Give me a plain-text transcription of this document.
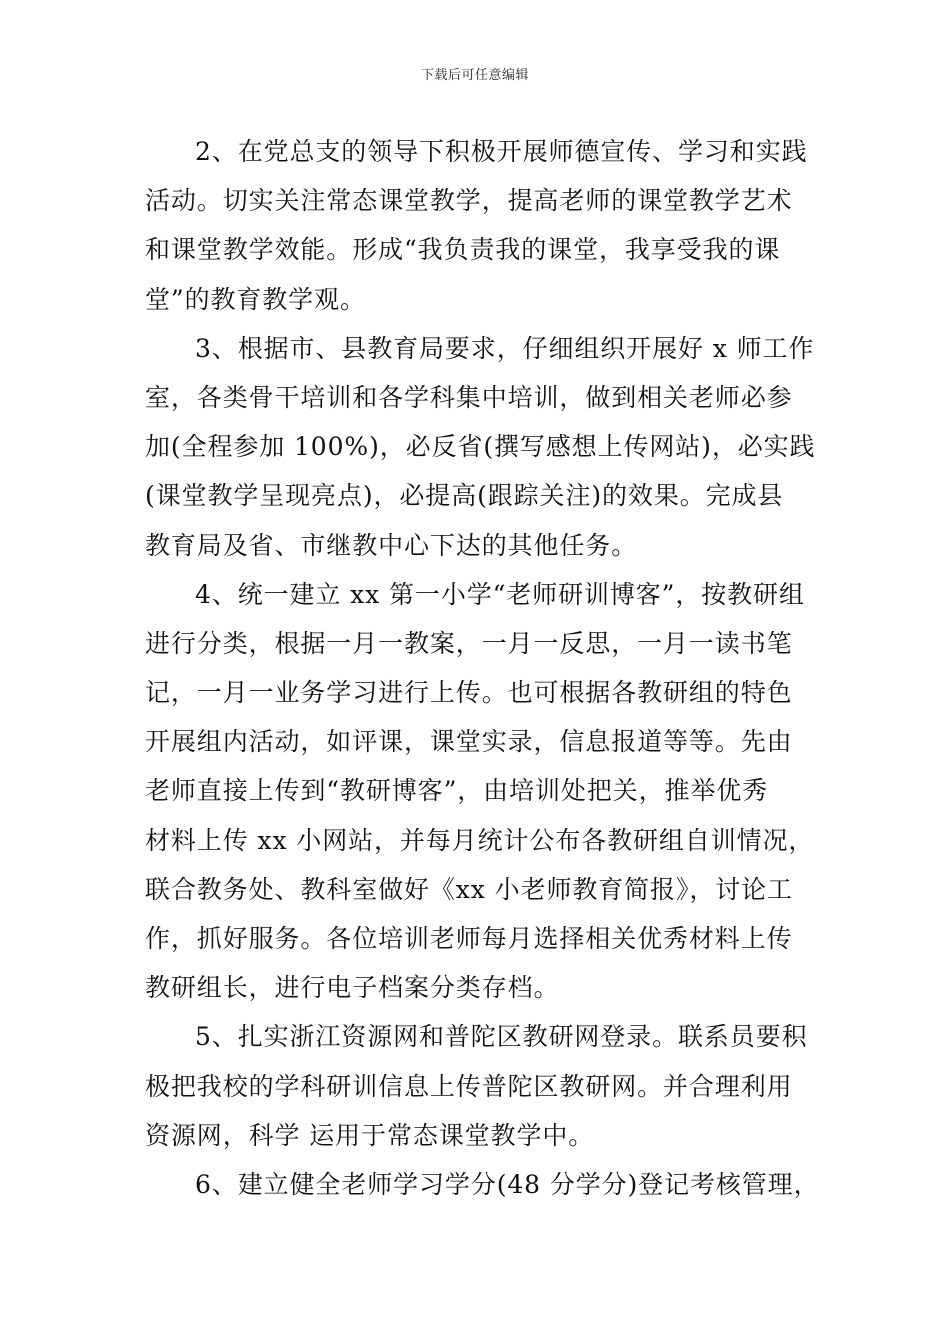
下载后可任意编辑
2、在党总支的领导下积极开展师德宣传、学习和实践
活动。切实关注常态课堂教学，提高老师的课堂教学艺术
和课堂教学效能。形成“我负责我的课堂，我享受我的课
堂”的教育教学观。
3、根据市、县教育局要求，仔细组织开展好 x 师工作
室，各类骨干培训和各学科集中培训，做到相关老师必参
加(全程参加 100%)，必反省(撰写感想上传网站)，必实践
(课堂教学呈现亮点)，必提高(跟踪关注)的效果。完成县
教育局及省、市继教中心下达的其他任务。
4、统一建立 xx 第一小学“老师研训博客”，按教研组
进行分类，根据一月一教案，一月一反思，一月一读书笔
记，一月一业务学习进行上传。也可根据各教研组的特色
开展组内活动，如评课，课堂实录，信息报道等等。先由
老师直接上传到“教研博客”，由培训处把关，推举优秀
材料上传 xx 小网站，并每月统计公布各教研组自训情况，
联合教务处、教科室做好《xx 小老师教育简报》，讨论工
作，抓好服务。各位培训老师每月选择相关优秀材料上传
教研组长，进行电子档案分类存档。
5、扎实浙江资源网和普陀区教研网登录。联系员要积
极把我校的学科研训信息上传普陀区教研网。并合理利用
资源网，科学 运用于常态课堂教学中。
6、建立健全老师学习学分(48 分学分)登记考核管理，
